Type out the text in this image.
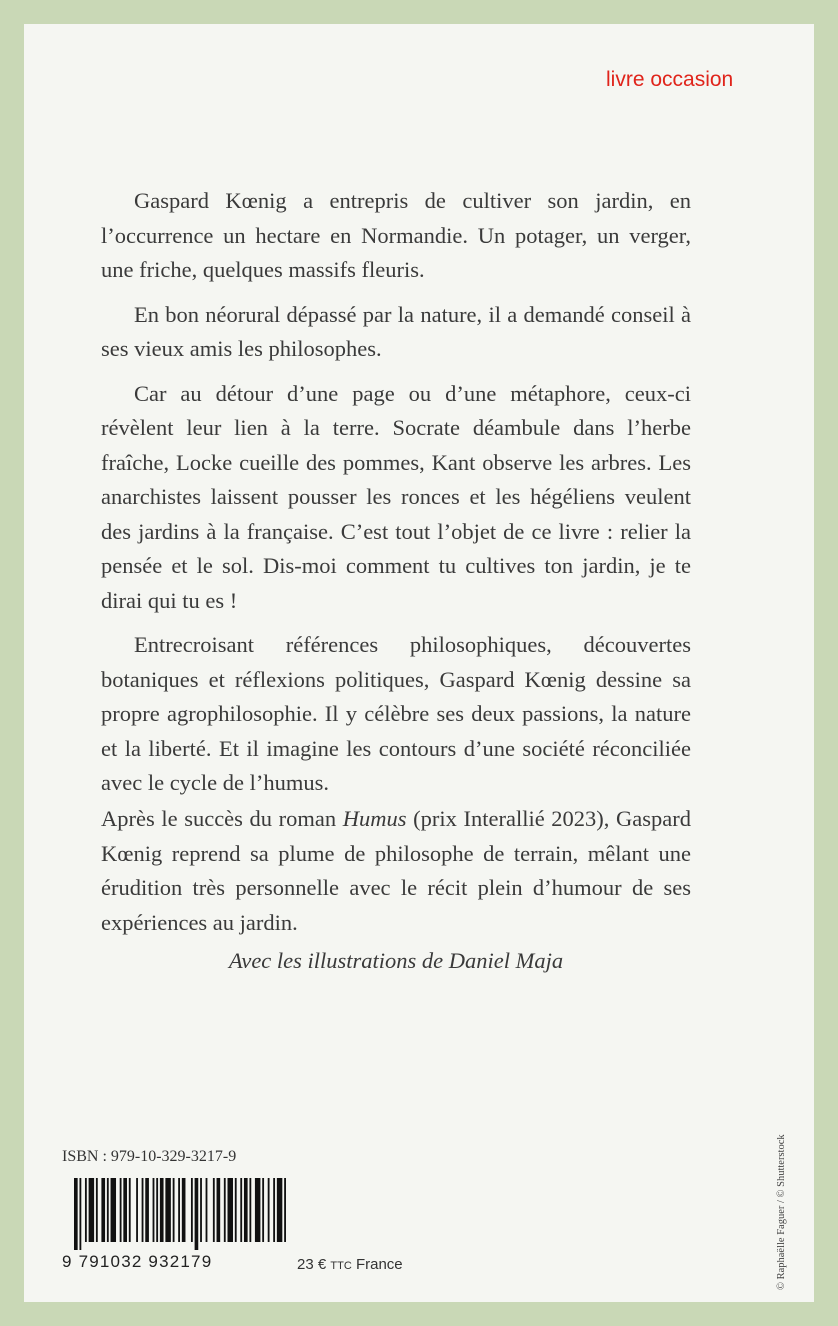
livre occasion

Gaspard Kœnig a entrepris de cultiver son jardin, en l’occurrence un hectare en Normandie. Un potager, un verger, une friche, quelques massifs fleuris.

En bon néorural dépassé par la nature, il a demandé conseil à ses vieux amis les philosophes.

Car au détour d’une page ou d’une métaphore, ceux-ci révèlent leur lien à la terre. Socrate déambule dans l’herbe fraîche, Locke cueille des pommes, Kant observe les arbres. Les anarchistes laissent pousser les ronces et les hégéliens veulent des jardins à la française. C’est tout l’objet de ce livre : relier la pensée et le sol. Dis-moi comment tu cultives ton jardin, je te dirai qui tu es !

Entrecroisant références philosophiques, découvertes botaniques et réflexions politiques, Gaspard Kœnig dessine sa propre agrophilosophie. Il y célèbre ses deux passions, la nature et la liberté. Et il imagine les contours d’une société réconciliée avec le cycle de l’humus.

Après le succès du roman Humus (prix Interallié 2023), Gaspard Kœnig reprend sa plume de philosophe de terrain, mêlant une érudition très personnelle avec le récit plein d’humour de ses expériences au jardin.

Avec les illustrations de Daniel Maja
ISBN : 979-10-329-3217-9
9 791032 932179	23 € TTC France	© Raphaëlle Faguer / © Shutterstock
